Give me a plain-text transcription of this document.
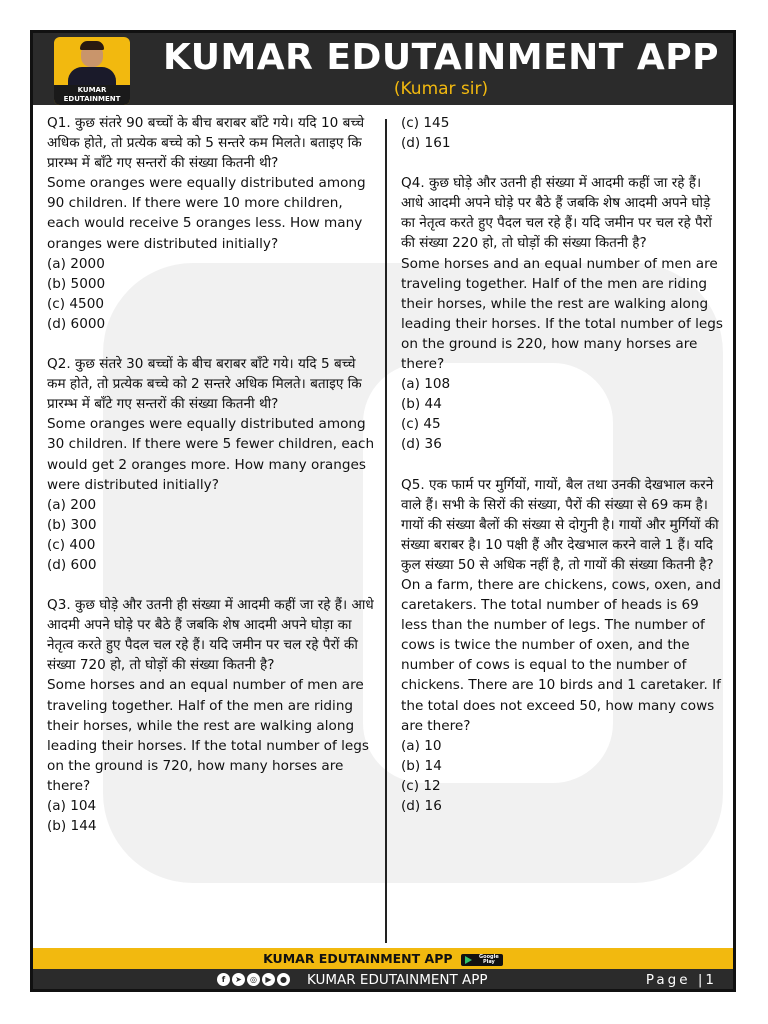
KUMAR EDUTAINMENT
KUMAR EDUTAINMENT APP
(Kumar sir)

Q1. कुछ संतरे 90 बच्चों के बीच बराबर बाँटे गये। यदि 10 बच्चे अधिक होते, तो प्रत्येक बच्चे को 5 सन्तरे कम मिलते। बताइए कि प्रारम्भ में बाँटे गए सन्तरों की संख्या कितनी थी?

Some oranges were equally distributed among 90 children. If there were 10 more children, each would receive 5 oranges less. How many oranges were distributed initially?

(a) 2000

(b) 5000

(c) 4500

(d) 6000

Q2. कुछ संतरे 30 बच्चों के बीच बराबर बाँटे गये। यदि 5 बच्चे कम होते, तो प्रत्येक बच्चे को 2 सन्तरे अधिक मिलते। बताइए कि प्रारम्भ में बाँटे गए सन्तरों की संख्या कितनी थी?

Some oranges were equally distributed among 30 children. If there were 5 fewer children, each would get 2 oranges more. How many oranges were distributed initially?

(a) 200

(b) 300

(c) 400

(d) 600

Q3. कुछ घोड़े और उतनी ही संख्या में आदमी कहीं जा रहे हैं। आधे आदमी अपने घोड़े पर बैठे हैं जबकि शेष आदमी अपने घोड़ा का नेतृत्व करते हुए पैदल चल रहे हैं। यदि जमीन पर चल रहे पैरों की संख्या 720 हो, तो घोड़ों की संख्या कितनी है?

Some horses and an equal number of men are traveling together. Half of the men are riding their horses, while the rest are walking along leading their horses. If the total number of legs on the ground is 720, how many horses are there?

(a) 104

(b) 144

(c) 145

(d) 161

Q4. कुछ घोड़े और उतनी ही संख्या में आदमी कहीं जा रहे हैं। आधे आदमी अपने घोड़े पर बैठे हैं जबकि शेष आदमी अपने घोड़े का नेतृत्व करते हुए पैदल चल रहे हैं। यदि जमीन पर चल रहे पैरों की संख्या 220 हो, तो घोड़ों की संख्या कितनी है?

Some horses and an equal number of men are traveling together. Half of the men are riding their horses, while the rest are walking along leading their horses. If the total number of legs on the ground is 220, how many horses are there?

(a) 108

(b) 44

(c) 45

(d) 36

Q5. एक फार्म पर मुर्गियों, गायों, बैल तथा उनकी देखभाल करने वाले हैं। सभी के सिरों की संख्या, पैरों की संख्या से 69 कम है। गायों की संख्या बैलों की संख्या से दोगुनी है। गायों और मुर्गियों की संख्या बराबर है। 10 पक्षी हैं और देखभाल करने वाले 1 हैं। यदि कुल संख्या 50 से अधिक नहीं है, तो गायों की संख्या कितनी है?

On a farm, there are chickens, cows, oxen, and caretakers. The total number of heads is 69 less than the number of legs. The number of cows is twice the number of oxen, and the number of cows is equal to the number of chickens. There are 10 birds and 1 caretaker. If the total does not exceed 50, how many cows are there?

(a) 10

(b) 14

(c) 12

(d) 16

KUMAR EDUTAINMENT APP	Google Play
f ➤ ◎ ▶ ●	KUMAR EDUTAINMENT APP	Page |1
